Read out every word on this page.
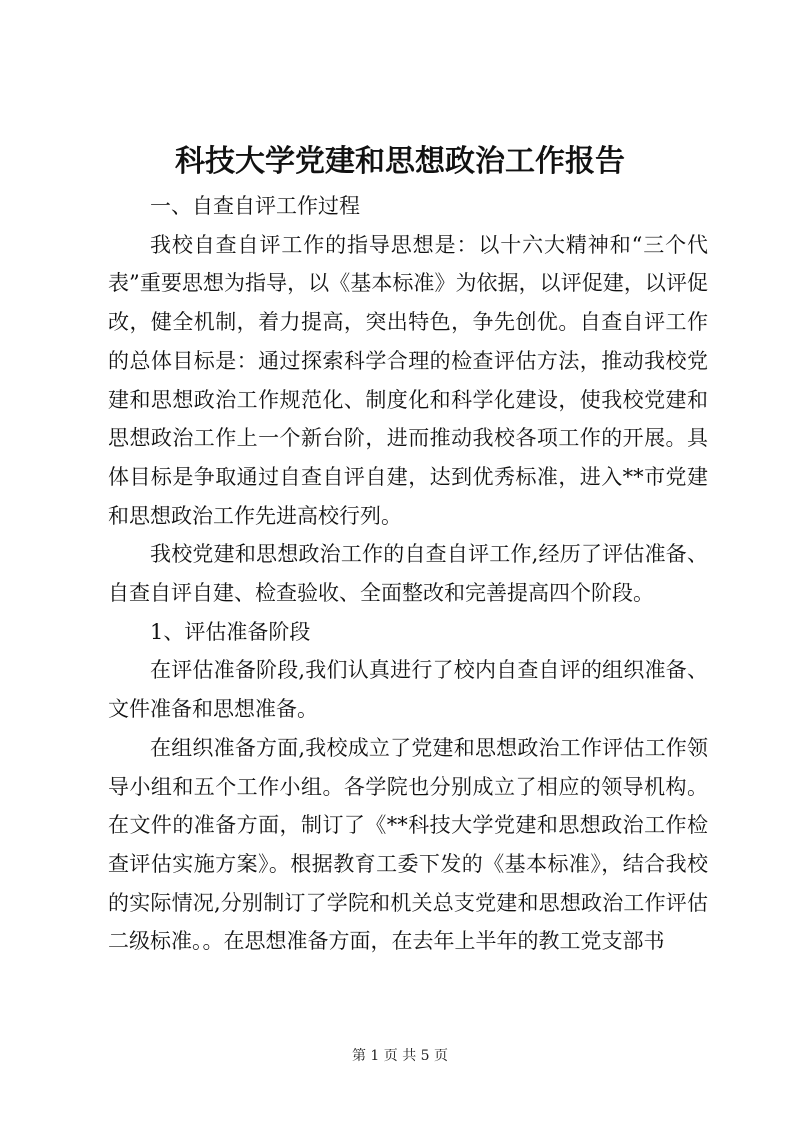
科技大学党建和思想政治工作报告

一、自查自评工作过程

我校自查自评工作的指导思想是：以十六大精神和“三个代表”重要思想为指导，以《基本标准》为依据，以评促建，以评促改，健全机制，着力提高，突出特色，争先创优。自查自评工作的总体目标是：通过探索科学合理的检查评估方法，推动我校党建和思想政治工作规范化、制度化和科学化建设，使我校党建和思想政治工作上一个新台阶，进而推动我校各项工作的开展。具体目标是争取通过自查自评自建，达到优秀标准，进入**市党建和思想政治工作先进高校行列。

我校党建和思想政治工作的自查自评工作,经历了评估准备、自查自评自建、检查验收、全面整改和完善提高四个阶段。

1、评估准备阶段

在评估准备阶段,我们认真进行了校内自查自评的组织准备、文件准备和思想准备。

在组织准备方面,我校成立了党建和思想政治工作评估工作领导小组和五个工作小组。各学院也分别成立了相应的领导机构。在文件的准备方面，制订了《**科技大学党建和思想政治工作检查评估实施方案》。根据教育工委下发的《基本标准》，结合我校的实际情况,分别制订了学院和机关总支党建和思想政治工作评估二级标准。。在思想准备方面，在去年上半年的教工党支部书

第 1 页 共 5 页
